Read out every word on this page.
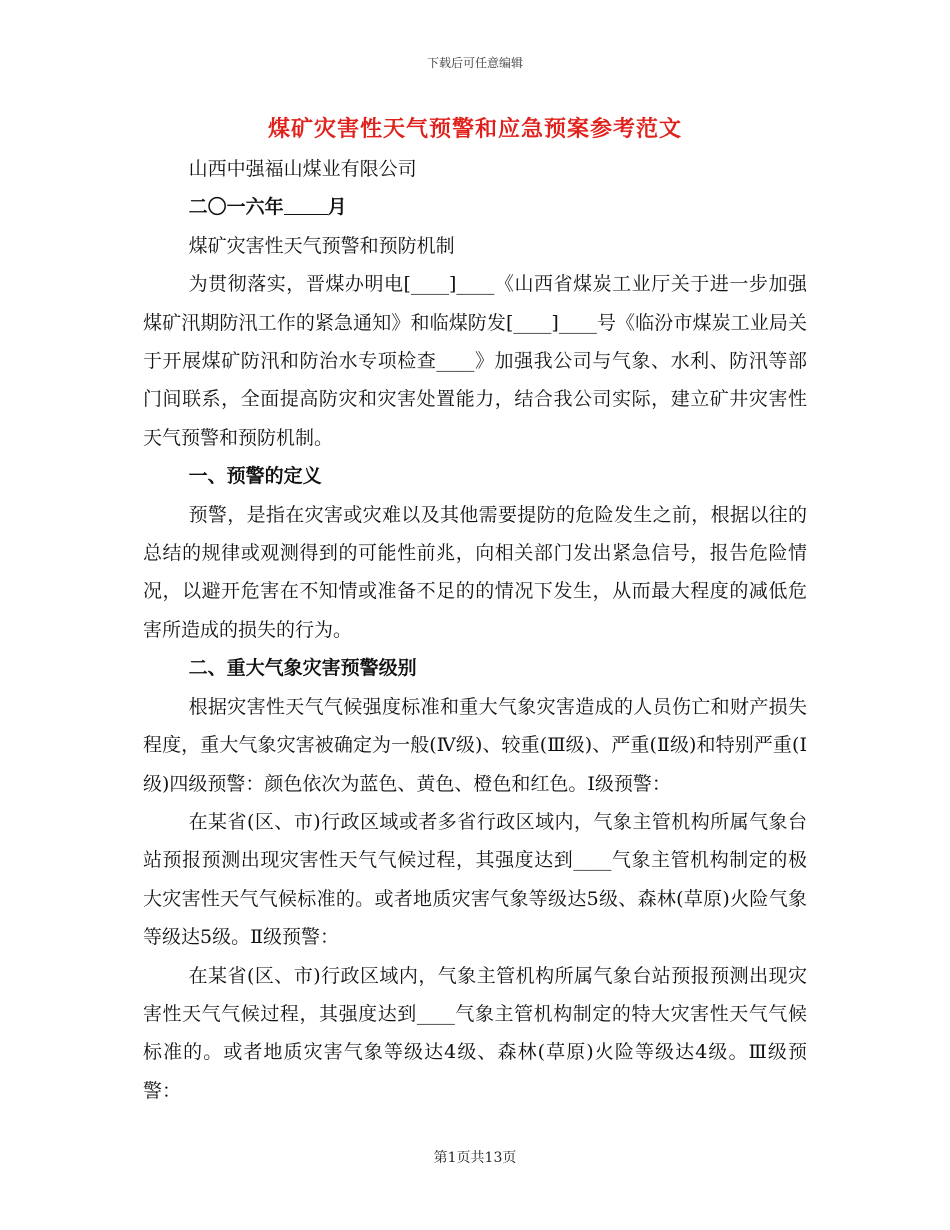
下载后可任意编辑
煤矿灾害性天气预警和应急预案参考范文

山西中强福山煤业有限公司

二〇一六年 月

煤矿灾害性天气预警和预防机制

为贯彻落实，晋煤办明电[____]____《山西省煤炭工业厅关于进一步加强煤矿汛期防汛工作的紧急通知》和临煤防发[____]____号《临汾市煤炭工业局关于开展煤矿防汛和防治水专项检查____》加强我公司与气象、水利、防汛等部门间联系，全面提高防灾和灾害处置能力，结合我公司实际，建立矿井灾害性天气预警和预防机制。

一、预警的定义

预警，是指在灾害或灾难以及其他需要提防的危险发生之前，根据以往的总结的规律或观测得到的可能性前兆，向相关部门发出紧急信号，报告危险情况，以避开危害在不知情或准备不足的的情况下发生，从而最大程度的减低危害所造成的损失的行为。

二、重大气象灾害预警级别

根据灾害性天气气候强度标准和重大气象灾害造成的人员伤亡和财产损失程度，重大气象灾害被确定为一般(Ⅳ级)、较重(Ⅲ级)、严重(Ⅱ级)和特别严重(Ⅰ级)四级预警：颜色依次为蓝色、黄色、橙色和红色。Ⅰ级预警：

在某省(区、市)行政区域或者多省行政区域内，气象主管机构所属气象台站预报预测出现灾害性天气气候过程，其强度达到____气象主管机构制定的极大灾害性天气气候标准的。或者地质灾害气象等级达5级、森林(草原)火险气象等级达5级。Ⅱ级预警：

在某省(区、市)行政区域内，气象主管机构所属气象台站预报预测出现灾害性天气气候过程，其强度达到____气象主管机构制定的特大灾害性天气气候标准的。或者地质灾害气象等级达4级、森林(草原)火险等级达4级。Ⅲ级预警：

第1页共13页
